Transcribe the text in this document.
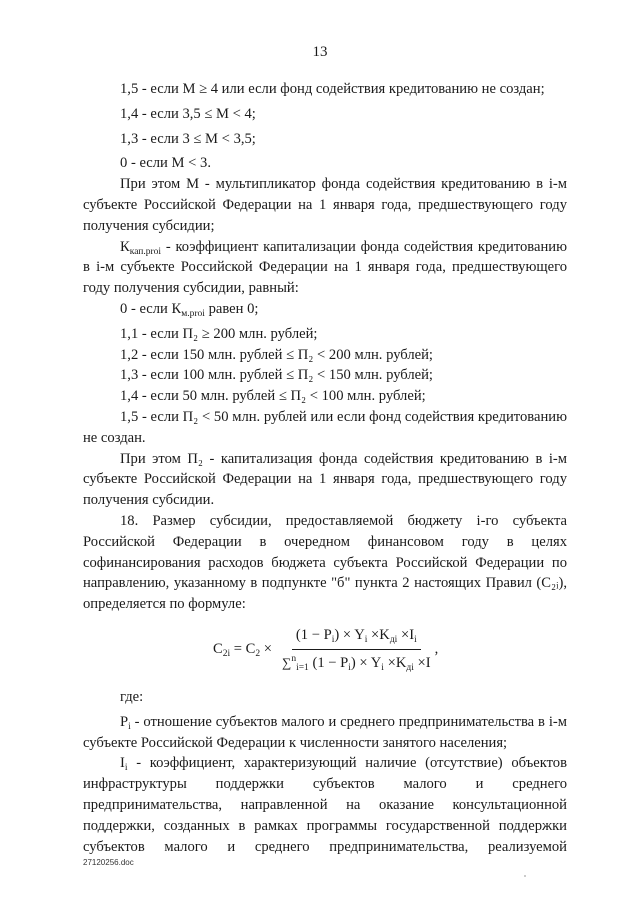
13

1,5 - если М ≥ 4 или если фонд содействия кредитованию не создан;

1,4 - если 3,5 ≤ М < 4;

1,3 - если 3 ≤ М < 3,5;

0 - если М < 3.

При этом М - мультипликатор фонда содействия кредитованию в i-м субъекте Российской Федерации на 1 января года, предшествующего году получения субсидии;

$К_{кап.prоi}$ - коэффициент капитализации фонда содействия кредитованию в i-м субъекте Российской Федерации на 1 января года, предшествующего году получения субсидии, равный:

0 - если $К_{м.prоi}$ равен 0;

1,1 - если П₂ ≥ 200 млн. рублей;

1,2 - если 150 млн. рублей ≤ П₂ < 200 млн. рублей;

1,3 - если 100 млн. рублей ≤ П₂ < 150 млн. рублей;

1,4 - если 50 млн. рублей ≤ П₂ < 100 млн. рублей;

1,5 - если П₂ < 50 млн. рублей или если фонд содействия кредитованию не создан.

При этом П₂ - капитализация фонда содействия кредитованию в i-м субъекте Российской Федерации на 1 января года, предшествующего году получения субсидии.

18. Размер субсидии, предоставляемой бюджету i-го субъекта Российской Федерации в очередном финансовом году в целях софинансирования расходов бюджета субъекта Российской Федерации по направлению, указанному в подпункте "б" пункта 2 настоящих Правил (С₂ᵢ), определяется по формуле:

$C_{2i} = C_2 \times \frac{(1 - P_i) \times Y_i \times K_{дi} \times I_i}{\sum^n_{i=1} (1 - P_i) \times Y_i \times K_{дi} \times I}$ ,

где:

$P_i$ - отношение субъектов малого и среднего предпринимательства в i-м субъекте Российской Федерации к численности занятого населения;

$I_i$ - коэффициент, характеризующий наличие (отсутствие) объектов инфраструктуры поддержки субъектов малого и среднего предпринимательства, направленной на оказание консультационной поддержки, созданных в рамках программы государственной поддержки субъектов малого и среднего предпринимательства, реализуемой

27120256.doc
